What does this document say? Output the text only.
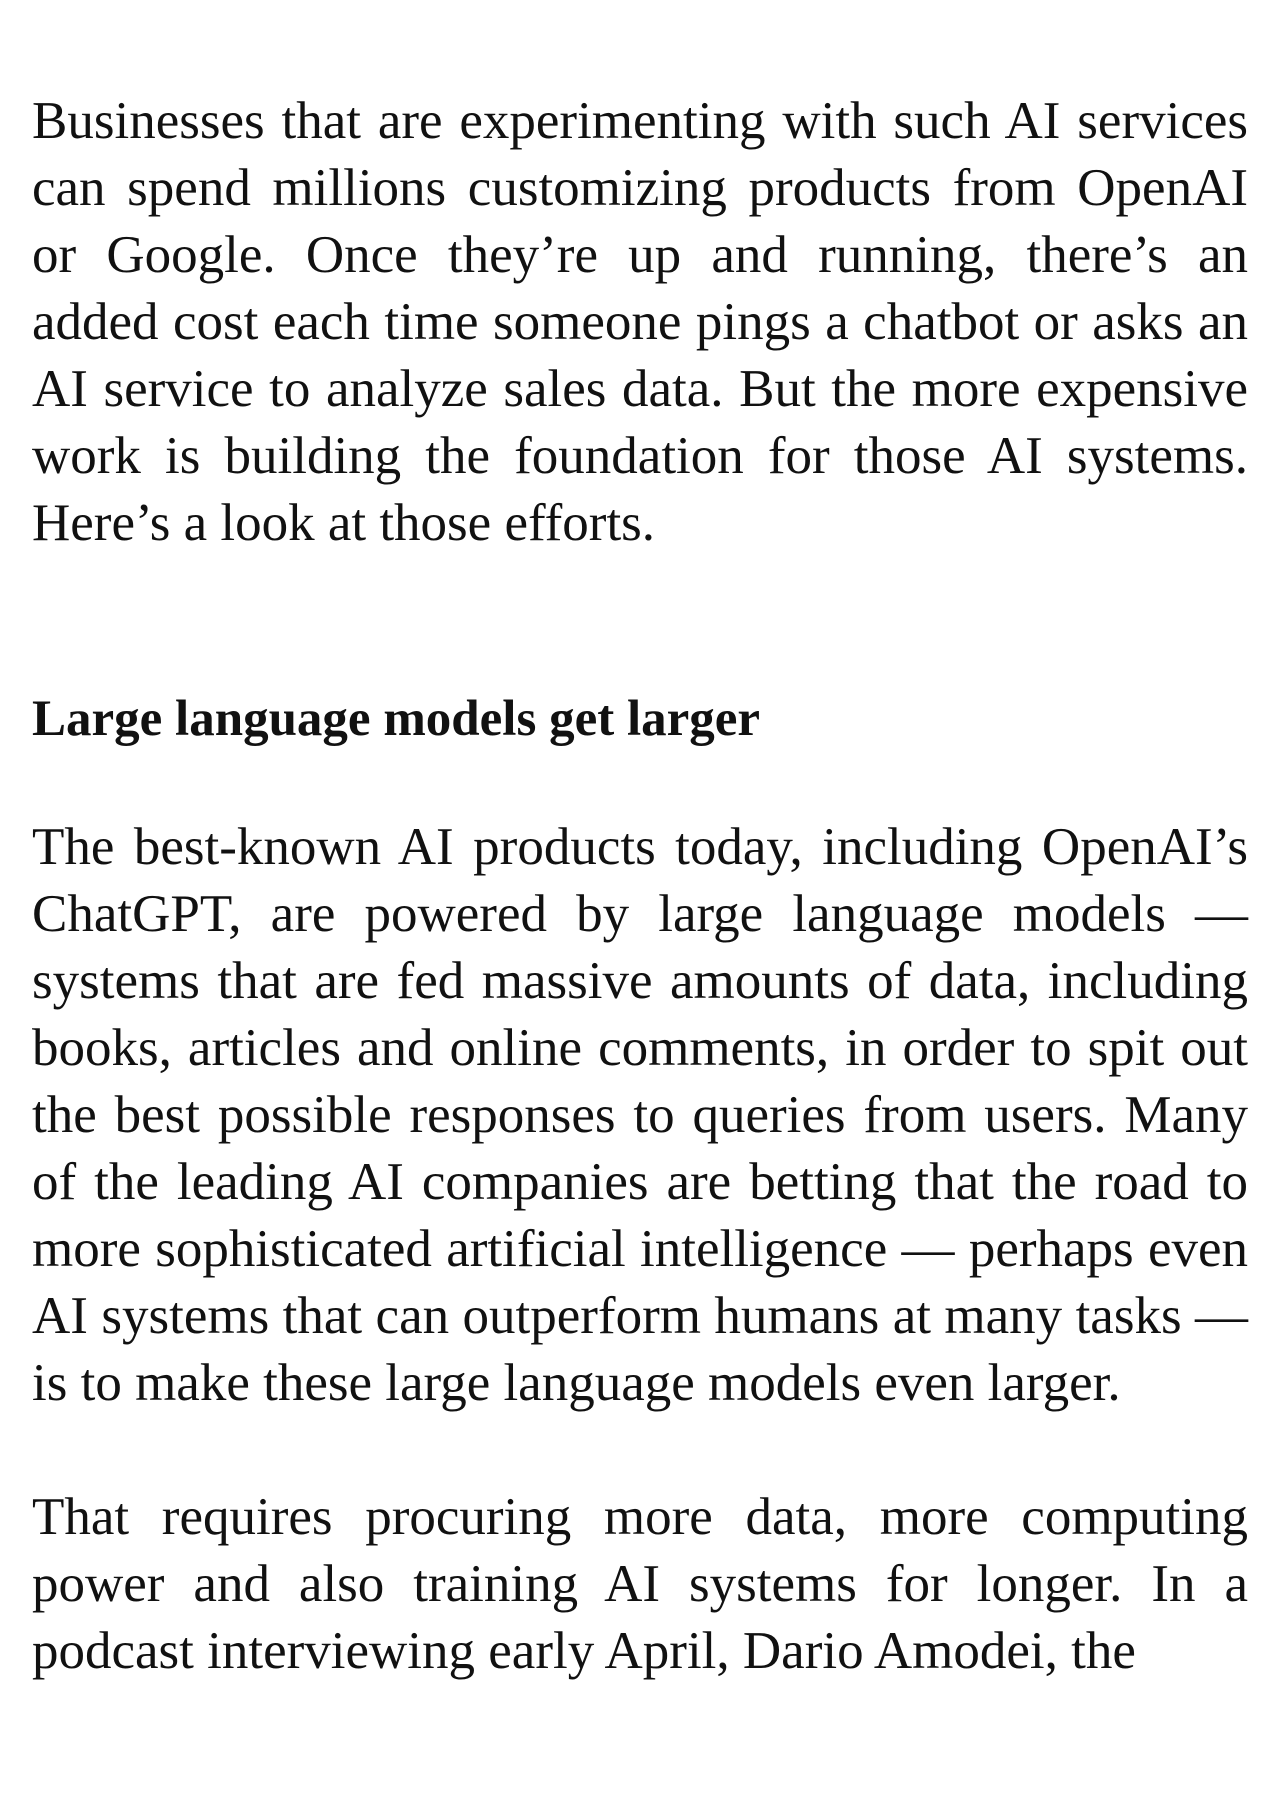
Businesses that are experimenting with such AI services can spend millions customizing products from OpenAI or Google. Once they’re up and running, there’s an added cost each time someone pings a chatbot or asks an AI service to analyze sales data. But the more expensive work is building the foundation for those AI systems. Here’s a look at those efforts.

Large language models get larger

The best-known AI products today, including OpenAI’s ChatGPT, are powered by large language models — systems that are fed massive amounts of data, including books, articles and online comments, in order to spit out the best possible responses to queries from users. Many of the leading AI companies are betting that the road to more sophisticated artificial intelligence — perhaps even AI systems that can outperform humans at many tasks — is to make these large language models even larger.

That requires procuring more data, more computing power and also training AI systems for longer. In a podcast interviewing early April, Dario Amodei, the
